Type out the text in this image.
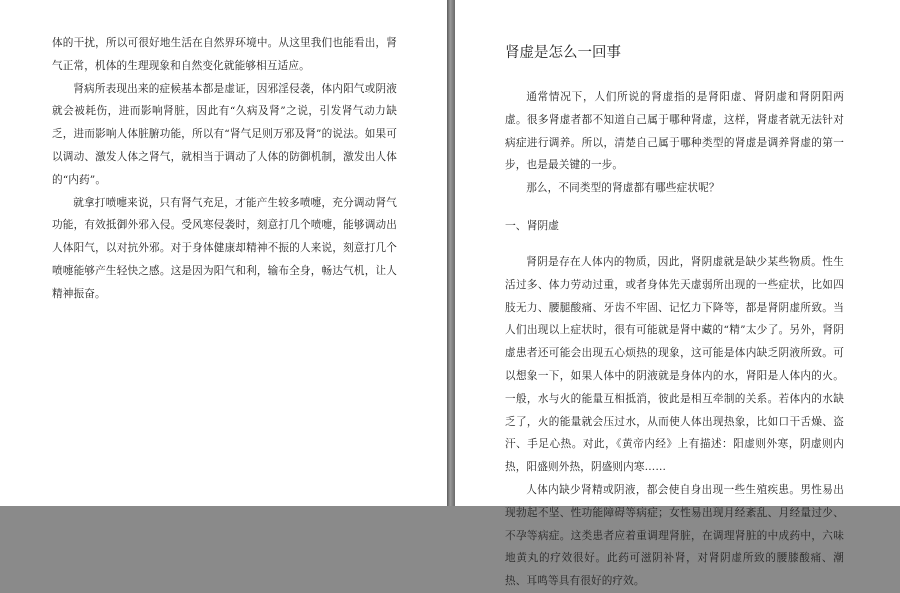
体的干扰，所以可很好地生活在自然界环境中。从这里我们也能看出，肾气正常，机体的生理现象和自然变化就能够相互适应。

肾病所表现出来的症候基本都是虚证，因邪淫侵袭，体内阳气或阴液就会被耗伤，进而影响肾脏，因此有“久病及肾”之说，引发肾气动力缺乏，进而影响人体脏腑功能，所以有“肾气足则万邪及肾”的说法。如果可以调动、激发人体之肾气，就相当于调动了人体的防御机制，激发出人体的“内药”。

就拿打喷嚏来说，只有肾气充足，才能产生较多喷嚏，充分调动肾气功能，有效抵御外邪入侵。受风寒侵袭时，刻意打几个喷嚏，能够调动出人体阳气，以对抗外邪。对于身体健康却精神不振的人来说，刻意打几个喷嚏能够产生轻快之感。这是因为阳气和利，输布全身，畅达气机，让人精神振奋。

肾虚是怎么一回事

通常情况下，人们所说的肾虚指的是肾阳虚、肾阴虚和肾阴阳两虚。很多肾虚者都不知道自己属于哪种肾虚，这样，肾虚者就无法针对病症进行调养。所以，清楚自己属于哪种类型的肾虚是调养肾虚的第一步，也是最关键的一步。

那么，不同类型的肾虚都有哪些症状呢？

一、肾阴虚

肾阴是存在人体内的物质，因此，肾阴虚就是缺少某些物质。性生活过多、体力劳动过重，或者身体先天虚弱所出现的一些症状，比如四肢无力、腰腿酸痛、牙齿不牢固、记忆力下降等，都是肾阴虚所致。当人们出现以上症状时，很有可能就是肾中藏的“精”太少了。另外，肾阴虚患者还可能会出现五心烦热的现象，这可能是体内缺乏阴液所致。可以想象一下，如果人体中的阴液就是身体内的水，肾阳是人体内的火。一般，水与火的能量互相抵消，彼此是相互牵制的关系。若体内的水缺乏了，火的能量就会压过水，从而使人体出现热象，比如口干舌燥、盗汗、手足心热。对此，《黄帝内经》上有描述：阳虚则外寒，阴虚则内热，阳盛则外热，阴盛则内寒……

人体内缺少肾精或阴液，都会使自身出现一些生殖疾患。男性易出现勃起不坚、性功能障碍等病症；女性易出现月经紊乱、月经量过少、不孕等病症。这类患者应着重调理肾脏，在调理肾脏的中成药中，六味地黄丸的疗效很好。此药可滋阴补肾，对肾阴虚所致的腰膝酸痛、潮热、耳鸣等具有很好的疗效。
